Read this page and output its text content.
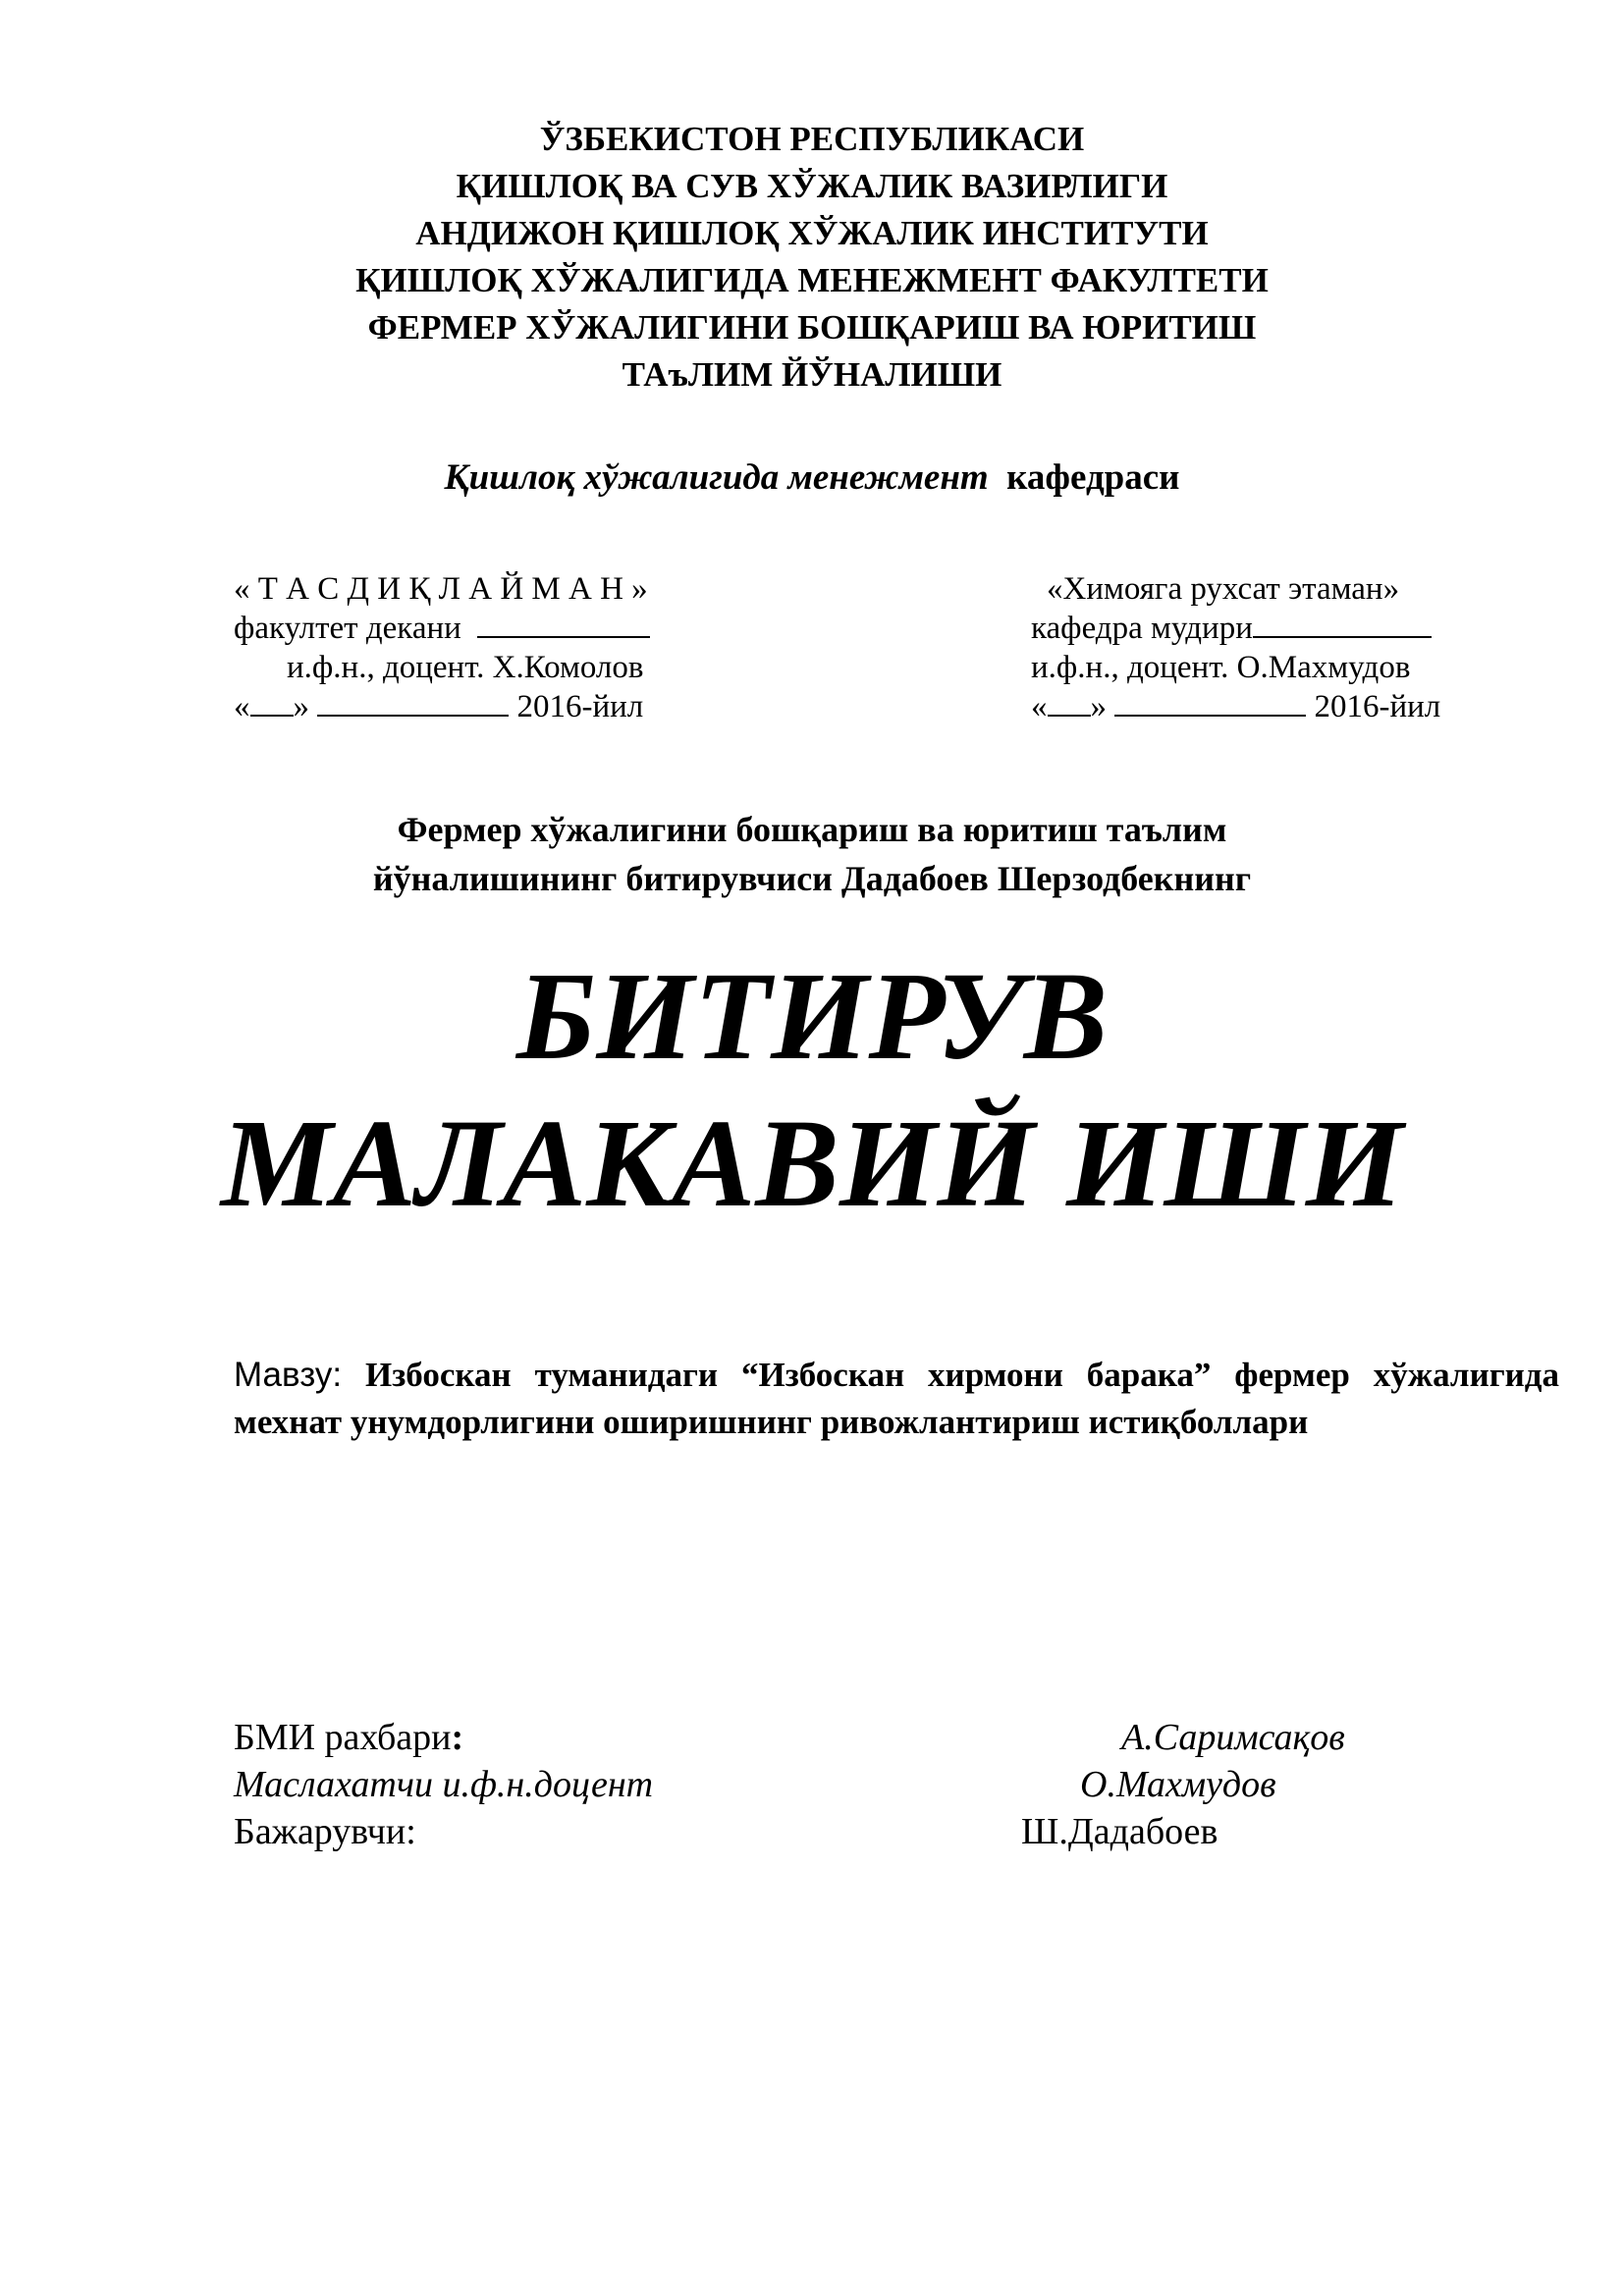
ЎЗБЕКИСТОН РЕСПУБЛИКАСИ
ҚИШЛОҚ ВА СУВ ХЎЖАЛИК ВАЗИРЛИГИ
АНДИЖОН ҚИШЛОҚ ХЎЖАЛИК ИНСТИТУТИ
ҚИШЛОҚ ХЎЖАЛИГИДА МЕНЕЖМЕНТ ФАКУЛТЕТИ
ФЕРМЕР ХЎЖАЛИГИНИ БОШҚАРИШ ВА ЮРИТИШ
ТАъЛИМ ЙЎНАЛИШИ
Қишлоқ хўжалигида менежмент кафедраси
« Т А С Д И Қ Л А Й М А Н »
факултет декани
и.ф.н., доцент. Х.Комолов
« »	2016-йил
«Химояга рухсат этаман»
кафедра мудири
и.ф.н., доцент. О.Махмудов
« »	2016-йил
Фермер хўжалигини бошқариш ва юритиш таълим
йўналишининг битирувчиси Дадабоев Шерзодбекнинг
БИТИРУВ
МАЛАКАВИЙ ИШИ
Мавзу: Избоскан туманидаги “Избоскан хирмони барака” фермер хўжалигида мехнат унумдорлигини оширишнинг ривожлантириш истиқболлари
БМИ рахбари:	А.Саримсақов
Маслахатчи и.ф.н.доцент	О.Махмудов
Бажарувчи:	Ш.Дадабоев
